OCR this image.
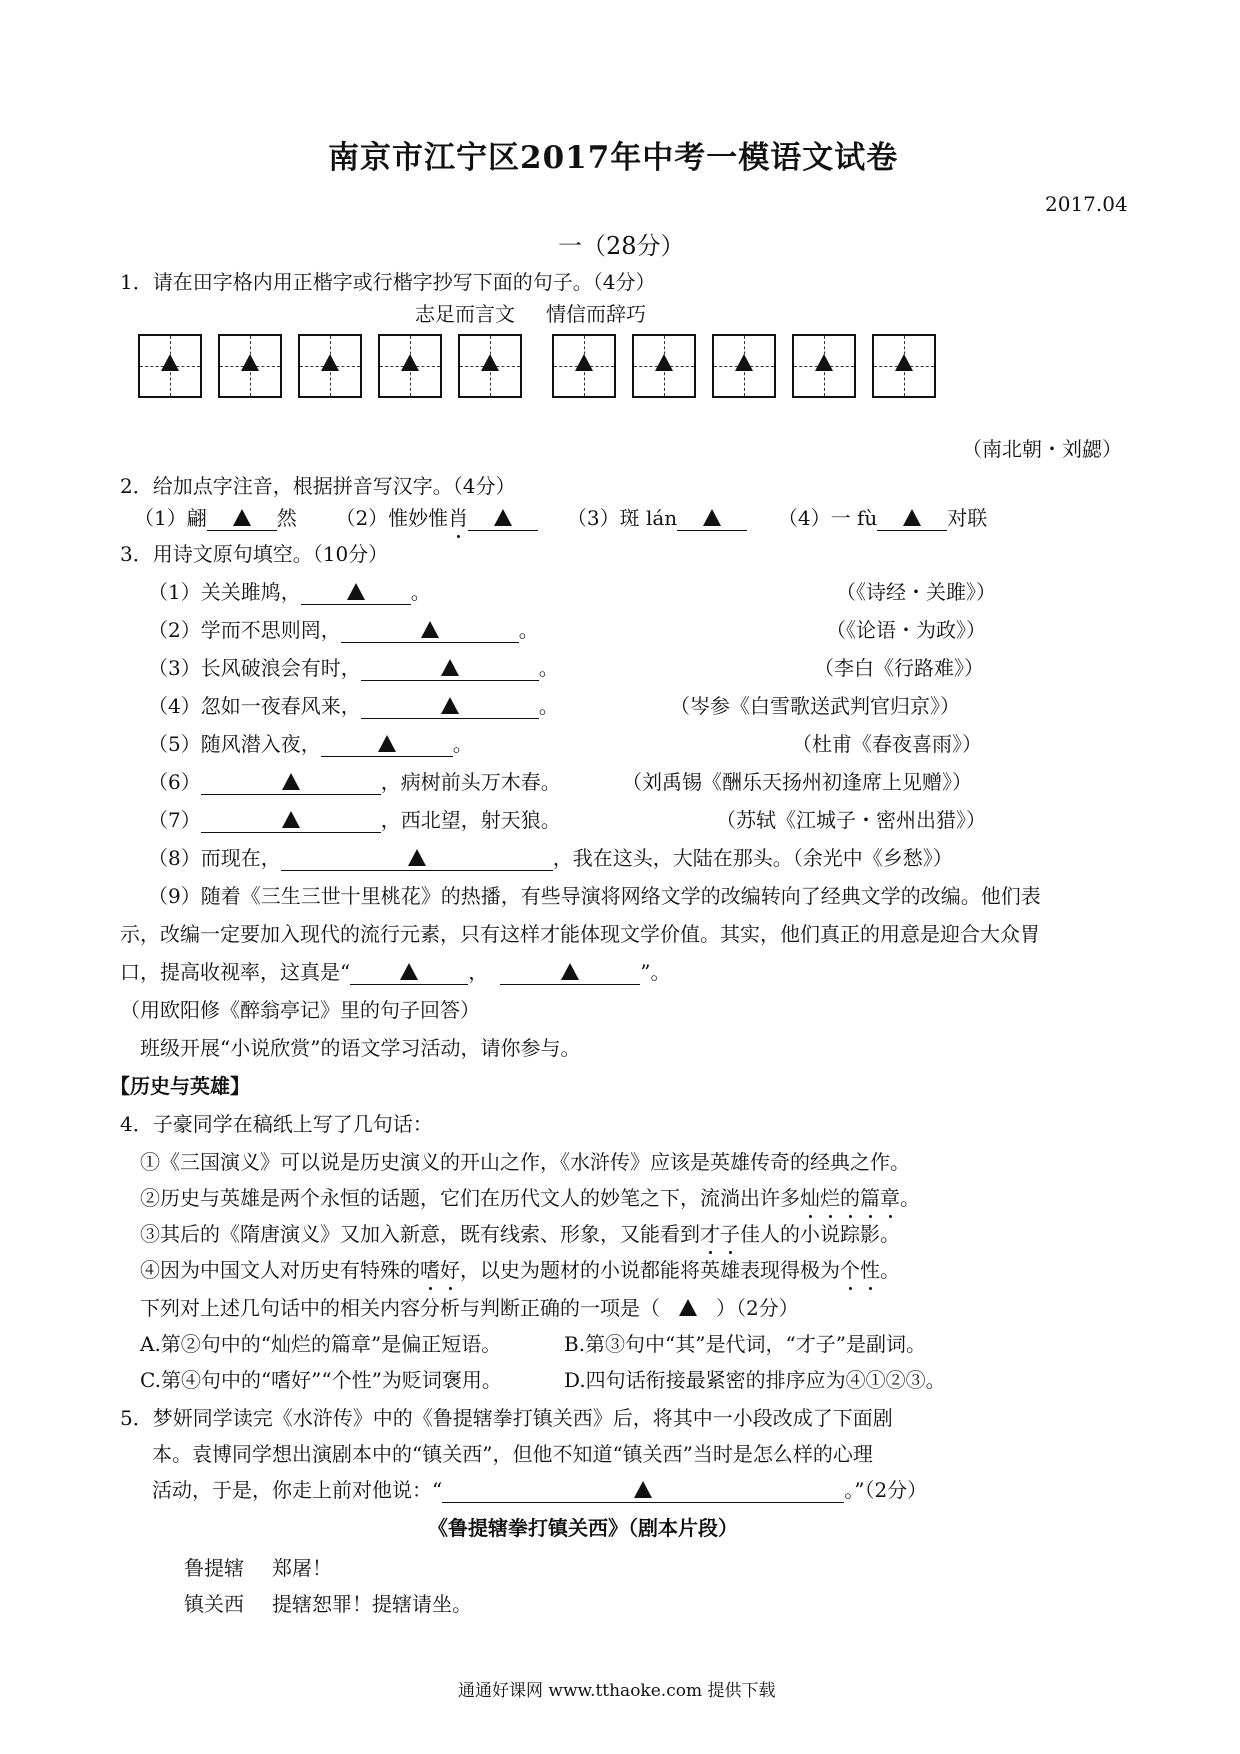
南京市江宁区2017年中考一模语文试卷
2017.04
一（28分）
1．请在田字格内用正楷字或行楷字抄写下面的句子。（4分）
志足而言文 情信而辞巧
（南北朝・刘勰）
2．给加点字注音，根据拼音写汉字。（4分）
（1）翩	然 （2）惟妙惟肖	（3）斑 lán	（4）一 fù	对联
3．用诗文原句填空。（10分）
（1）关关雎鸠，	。	（《诗经・关雎》）
（2）学而不思则罔，	。	（《论语・为政》）
（3）长风破浪会有时，	。	（李白《行路难》）
（4）忽如一夜春风来，	。	（岑参《白雪歌送武判官归京》）
（5）随风潜入夜，	。	（杜甫《春夜喜雨》）
（6）	，病树前头万木春。	（刘禹锡《酬乐天扬州初逢席上见赠》）
（7）	，西北望，射天狼。	（苏轼《江城子・密州出猎》）
（8）而现在，	，我在这头，大陆在那头。（余光中《乡愁》）
（9）随着《三生三世十里桃花》的热播，有些导演将网络文学的改编转向了经典文学的改编。他们表
示，改编一定要加入现代的流行元素，只有这样才能体现文学价值。其实，他们真正的用意是迎合大众胃
口，提高收视率，这真是“	，	”。
（用欧阳修《醉翁亭记》里的句子回答）
班级开展“小说欣赏”的语文学习活动，请你参与。
【历史与英雄】
4．子豪同学在稿纸上写了几句话：
①《三国演义》可以说是历史演义的开山之作，《水浒传》应该是英雄传奇的经典之作。
②历史与英雄是两个永恒的话题，它们在历代文人的妙笔之下，流淌出许多灿烂的篇章。
③其后的《隋唐演义》又加入新意，既有线索、形象，又能看到才子佳人的小说踪影。
④因为中国文人对历史有特殊的嗜好，以史为题材的小说都能将英雄表现得极为个性。
下列对上述几句话中的相关内容分析与判断正确的一项是（	）（2分）
A.第②句中的“灿烂的篇章”是偏正短语。	B.第③句中“其”是代词，“才子”是副词。
C.第④句中的“嗜好”“个性”为贬词褒用。	D.四句话衔接最紧密的排序应为④①②③。
5．梦妍同学读完《水浒传》中的《鲁提辖拳打镇关西》后，将其中一小段改成了下面剧
本。袁博同学想出演剧本中的“镇关西”，但他不知道“镇关西”当时是怎么样的心理
活动，于是，你走上前对他说：“	。”（2分）
《鲁提辖拳打镇关西》（剧本片段）
鲁提辖 郑屠！
镇关西 提辖恕罪！提辖请坐。
通通好课网 www.tthaoke.com 提供下载
